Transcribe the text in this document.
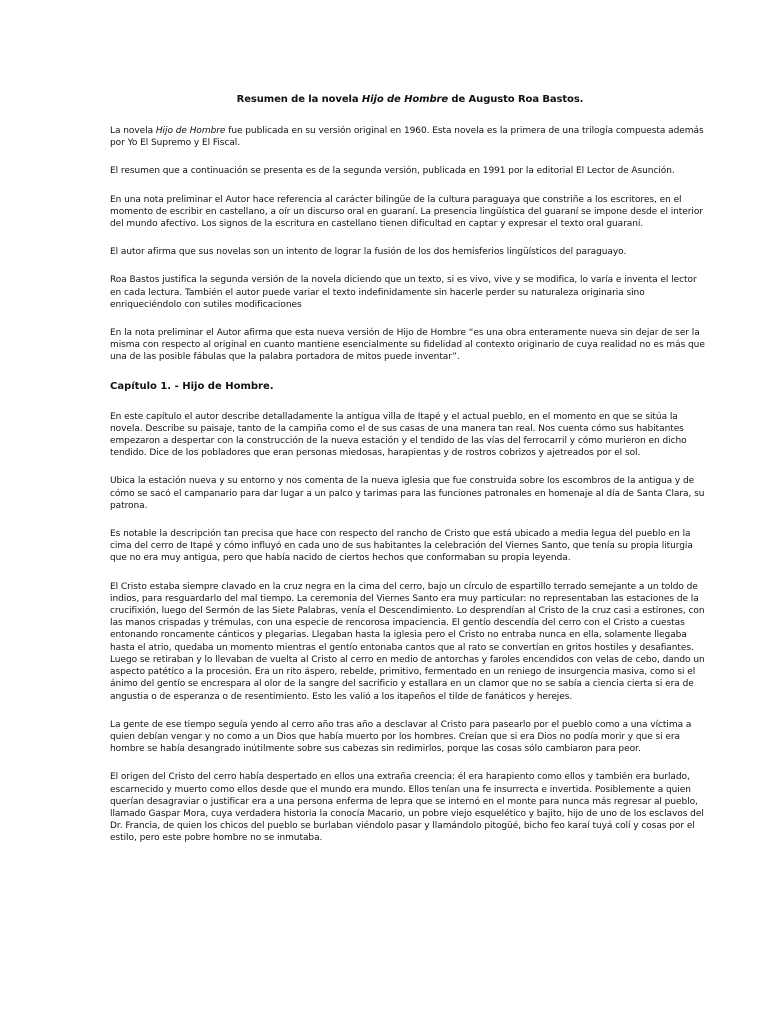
Resumen de la novela Hijo de Hombre de Augusto Roa Bastos.

La novela Hijo de Hombre fue publicada en su versión original en 1960. Esta novela es la primera de una trilogía compuesta además por Yo El Supremo y El Fiscal.

El resumen que a continuación se presenta es de la segunda versión, publicada en 1991 por la editorial El Lector de Asunción.

En una nota preliminar el Autor hace referencia al carácter bilingüe de la cultura paraguaya que constriñe a los escritores, en el momento de escribir en castellano, a oír un discurso oral en guaraní. La presencia lingüística del guaraní se impone desde el interior del mundo afectivo. Los signos de la escritura en castellano tienen dificultad en captar y expresar el texto oral guaraní.

El autor afirma que sus novelas son un intento de lograr la fusión de los dos hemisferios lingüísticos del paraguayo.

Roa Bastos justifica la segunda versión de la novela diciendo que un texto, si es vivo, vive y se modifica, lo varía e inventa el lector en cada lectura. También el autor puede variar el texto indefinidamente sin hacerle perder su naturaleza originaria sino enriqueciéndolo con sutiles modificaciones

En la nota preliminar el Autor afirma que esta nueva versión de Hijo de Hombre “es una obra enteramente nueva sin dejar de ser la misma con respecto al original en cuanto mantiene esencialmente su fidelidad al contexto originario de cuya realidad no es más que una de las posible fábulas que la palabra portadora de mitos puede inventar”.

Capítulo 1. - Hijo de Hombre.

En este capítulo el autor describe detalladamente la antigua villa de Itapé y el actual pueblo, en el momento en que se sitúa la novela. Describe su paisaje, tanto de la campiña como el de sus casas de una manera tan real. Nos cuenta cómo sus habitantes empezaron a despertar con la construcción de la nueva estación y el tendido de las vías del ferrocarril y cómo murieron en dicho tendido. Dice de los pobladores que eran personas miedosas, harapientas y de rostros cobrizos y ajetreados por el sol.

Ubica la estación nueva y su entorno y nos comenta de la nueva iglesia que fue construida sobre los escombros de la antigua y de cómo se sacó el campanario para dar lugar a un palco y tarimas para las funciones patronales en homenaje al día de Santa Clara, su patrona.

Es notable la descripción tan precisa que hace con respecto del rancho de Cristo que está ubicado a media legua del pueblo en la cima del cerro de Itapé y cómo influyó en cada uno de sus habitantes la celebración del Viernes Santo, que tenía su propia liturgia que no era muy antigua, pero que había nacido de ciertos hechos que conformaban su propia leyenda.

El Cristo estaba siempre clavado en la cruz negra en la cima del cerro, bajo un círculo de espartillo terrado semejante a un toldo de indios, para resguardarlo del mal tiempo. La ceremonia del Viernes Santo era muy particular: no representaban las estaciones de la crucifixión, luego del Sermón de las Siete Palabras, venía el Descendimiento. Lo desprendían al Cristo de la cruz casi a estirones, con las manos crispadas y trémulas, con una especie de rencorosa impaciencia. El gentío descendía del cerro con el Cristo a cuestas entonando roncamente cánticos y plegarias. Llegaban hasta la iglesia pero el Cristo no entraba nunca en ella, solamente llegaba hasta el atrio, quedaba un momento mientras el gentío entonaba cantos que al rato se convertían en gritos hostiles y desafiantes. Luego se retiraban y lo llevaban de vuelta al Cristo al cerro en medio de antorchas y faroles encendidos con velas de cebo, dando un aspecto patético a la procesión. Era un rito áspero, rebelde, primitivo, fermentado en un reniego de insurgencia masiva, como si el ánimo del gentío se encrespara al olor de la sangre del sacrificio y estallara en un clamor que no se sabía a ciencia cierta si era de angustia o de esperanza o de resentimiento. Esto les valió a los itapeños el tilde de fanáticos y herejes.

La gente de ese tiempo seguía yendo al cerro año tras año a desclavar al Cristo para pasearlo por el pueblo como a una víctima a quien debían vengar y no como a un Dios que había muerto por los hombres. Creían que si era Dios no podía morir y que si era hombre se había desangrado inútilmente sobre sus cabezas sin redimirlos, porque las cosas sólo cambiaron para peor.

El origen del Cristo del cerro había despertado en ellos una extraña creencia: él era harapiento como ellos y también era burlado, escarnecido y muerto como ellos desde que el mundo era mundo. Ellos tenían una fe insurrecta e invertida. Posiblemente a quien querían desagraviar o justificar era a una persona enferma de lepra que se internó en el monte para nunca más regresar al pueblo, llamado Gaspar Mora, cuya verdadera historia la conocía Macario, un pobre viejo esquelético y bajito, hijo de uno de los esclavos del Dr. Francia, de quien los chicos del pueblo se burlaban viéndolo pasar y llamándolo pitogüé, bicho feo karaí tuyá colí y cosas por el estilo, pero este pobre hombre no se inmutaba.
